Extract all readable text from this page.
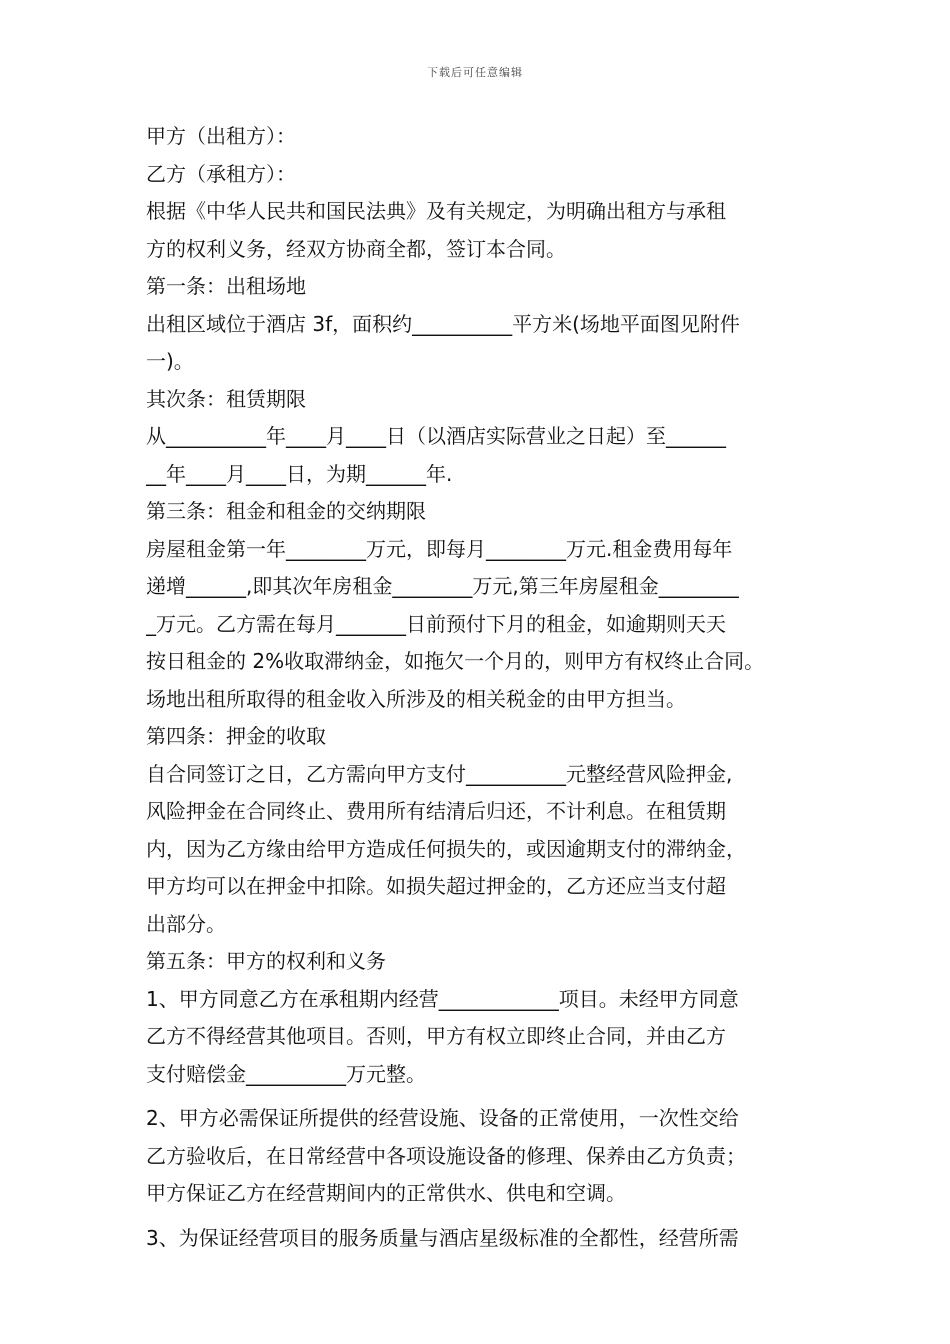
下载后可任意编辑
甲方（出租方）：
乙方（承租方）：
根据《中华人民共和国民法典》及有关规定，为明确出租方与承租
方的权利义务，经双方协商全都，签订本合同。
第一条：出租场地
出租区域位于酒店 3f，面积约__________平方米(场地平面图见附件
一)。
其次条：租赁期限
从__________年____月____日（以酒店实际营业之日起）至______
__年____月____日，为期______年.
第三条：租金和租金的交纳期限
房屋租金第一年________万元，即每月________万元.租金费用每年
递增______,即其次年房租金________万元,第三年房屋租金________
_万元。乙方需在每月_______日前预付下月的租金，如逾期则天天
按日租金的 2%收取滞纳金，如拖欠一个月的，则甲方有权终止合同。
场地出租所取得的租金收入所涉及的相关税金的由甲方担当。
第四条：押金的收取
自合同签订之日，乙方需向甲方支付__________元整经营风险押金,
风险押金在合同终止、费用所有结清后归还，不计利息。在租赁期
内，因为乙方缘由给甲方造成任何损失的，或因逾期支付的滞纳金，
甲方均可以在押金中扣除。如损失超过押金的，乙方还应当支付超
出部分。
第五条：甲方的权利和义务
1、甲方同意乙方在承租期内经营____________项目。未经甲方同意
乙方不得经营其他项目。否则，甲方有权立即终止合同，并由乙方
支付赔偿金__________万元整。
2、甲方必需保证所提供的经营设施、设备的正常使用，一次性交给
乙方验收后，在日常经营中各项设施设备的修理、保养由乙方负责；
甲方保证乙方在经营期间内的正常供水、供电和空调。
3、为保证经营项目的服务质量与酒店星级标准的全都性，经营所需
